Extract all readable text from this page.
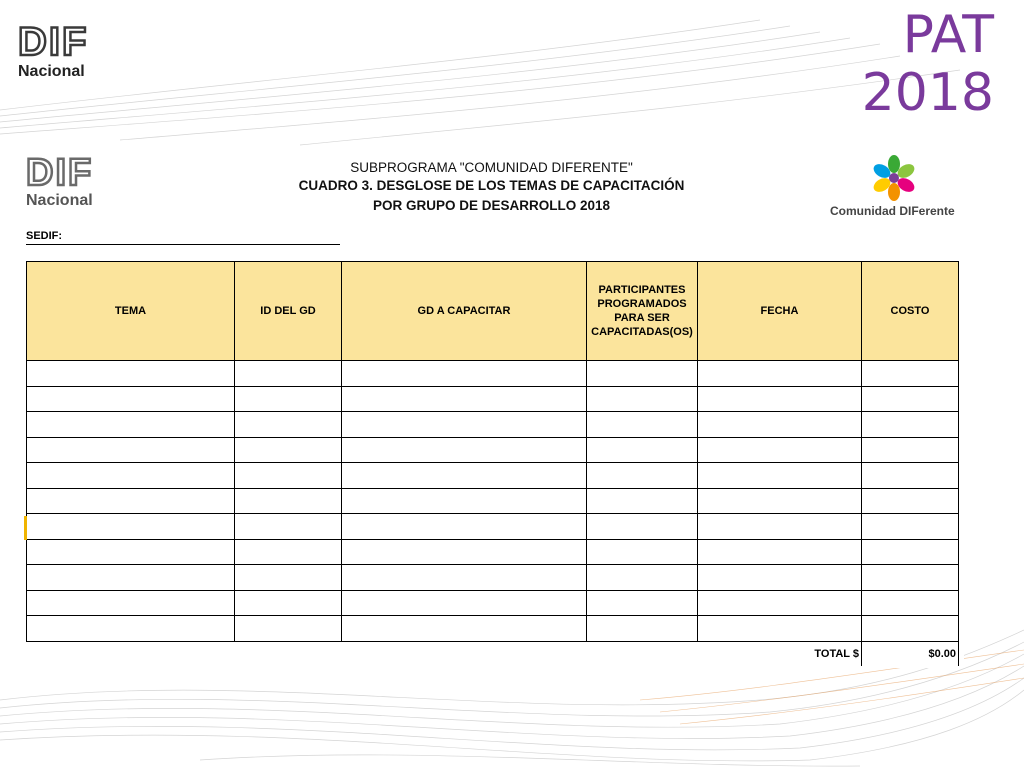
DIF
Nacional
PAT
2018
DIF
Nacional
SUBPROGRAMA "COMUNIDAD DIFERENTE"
CUADRO 3. DESGLOSE DE LOS TEMAS DE CAPACITACIÓN
POR GRUPO DE DESARROLLO 2018	Comunidad DIFerente
SEDIF:
TEMA	ID DEL GD	GD A CAPACITAR	PARTICIPANTES PROGRAMADOS PARA SER CAPACITADAS(OS)	FECHA	COSTO

TOTAL $					$0.00
